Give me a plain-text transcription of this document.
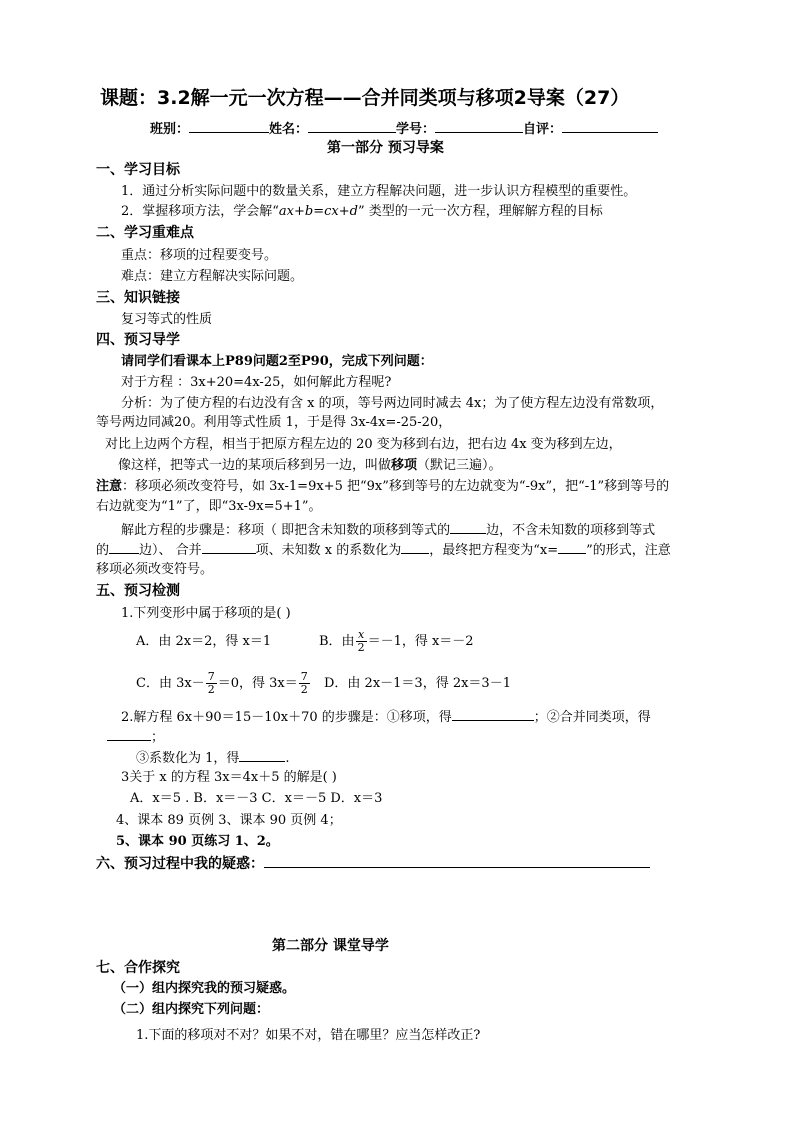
课题：3.2解一元一次方程——合并同类项与移项2导案（27）
班别：	姓名：	学号：	自评：
第一部分 预习导案
一、学习目标
1．通过分析实际问题中的数量关系，建立方程解决问题，进一步认识方程模型的重要性。
2．掌握移项方法，学会解“ax+b=cx+d” 类型的一元一次方程，理解解方程的目标
二、学习重难点
重点：移项的过程要变号。
难点：建立方程解决实际问题。
三、知识链接
复习等式的性质
四、预习导学
请同学们看课本上P89问题2至P90，完成下列问题：
对于方程 ：3x+20=4x-25，如何解此方程呢?
分析：为了使方程的右边没有含 x 的项，等号两边同时减去 4x；为了使方程左边没有常数项，
等号两边同减20。利用等式性质 1，于是得 3x-4x=-25-20，
对比上边两个方程，相当于把原方程左边的 20 变为移到右边，把右边 4x 变为移到左边，
像这样，把等式一边的某项后移到另一边，叫做移项（默记三遍）。
注意：移项必须改变符号，如 3x-1=9x+5 把“9x”移到等号的左边就变为“-9x”，把“-1”移到等号的
右边就变为“1”了，即“3x-9x=5+1”。
解此方程的步骤是：移项（ 即把含未知数的项移到等式的	边，不含未知数的项移到等式
的 边）、 合并	项、未知数 x 的系数化为 ，最终把方程变为“x= ”的形式，注意
移项必须改变符号。
五、预习检测
1.下列变形中属于移项的是( )
A．由 2x＝2，得 x＝1	B．由 $\frac{x}{2} =-1$，得 x＝－2
C．由 $3x- \frac{7}{2} =0$，得 $3x= \frac{7}{2}$ D．由 2x－1＝3，得 2x＝3－1
2.解方程 6x＋90＝15－10x＋70 的步骤是：①移项，得	；②合并同类项，得
；
③系数化为 1，得	.
3关于 x 的方程 3x＝4x＋5 的解是( )
A．x＝5 . B．x＝－3 C．x＝－5 D．x＝3
4、课本 89 页例 3、课本 90 页例 4；
5、课本 90 页练习 1、2。
六、预习过程中我的疑惑：
第二部分 课堂导学
七、合作探究
（一）组内探究我的预习疑惑。
（二）组内探究下列问题：
1.下面的移项对不对？如果不对，错在哪里？应当怎样改正?
